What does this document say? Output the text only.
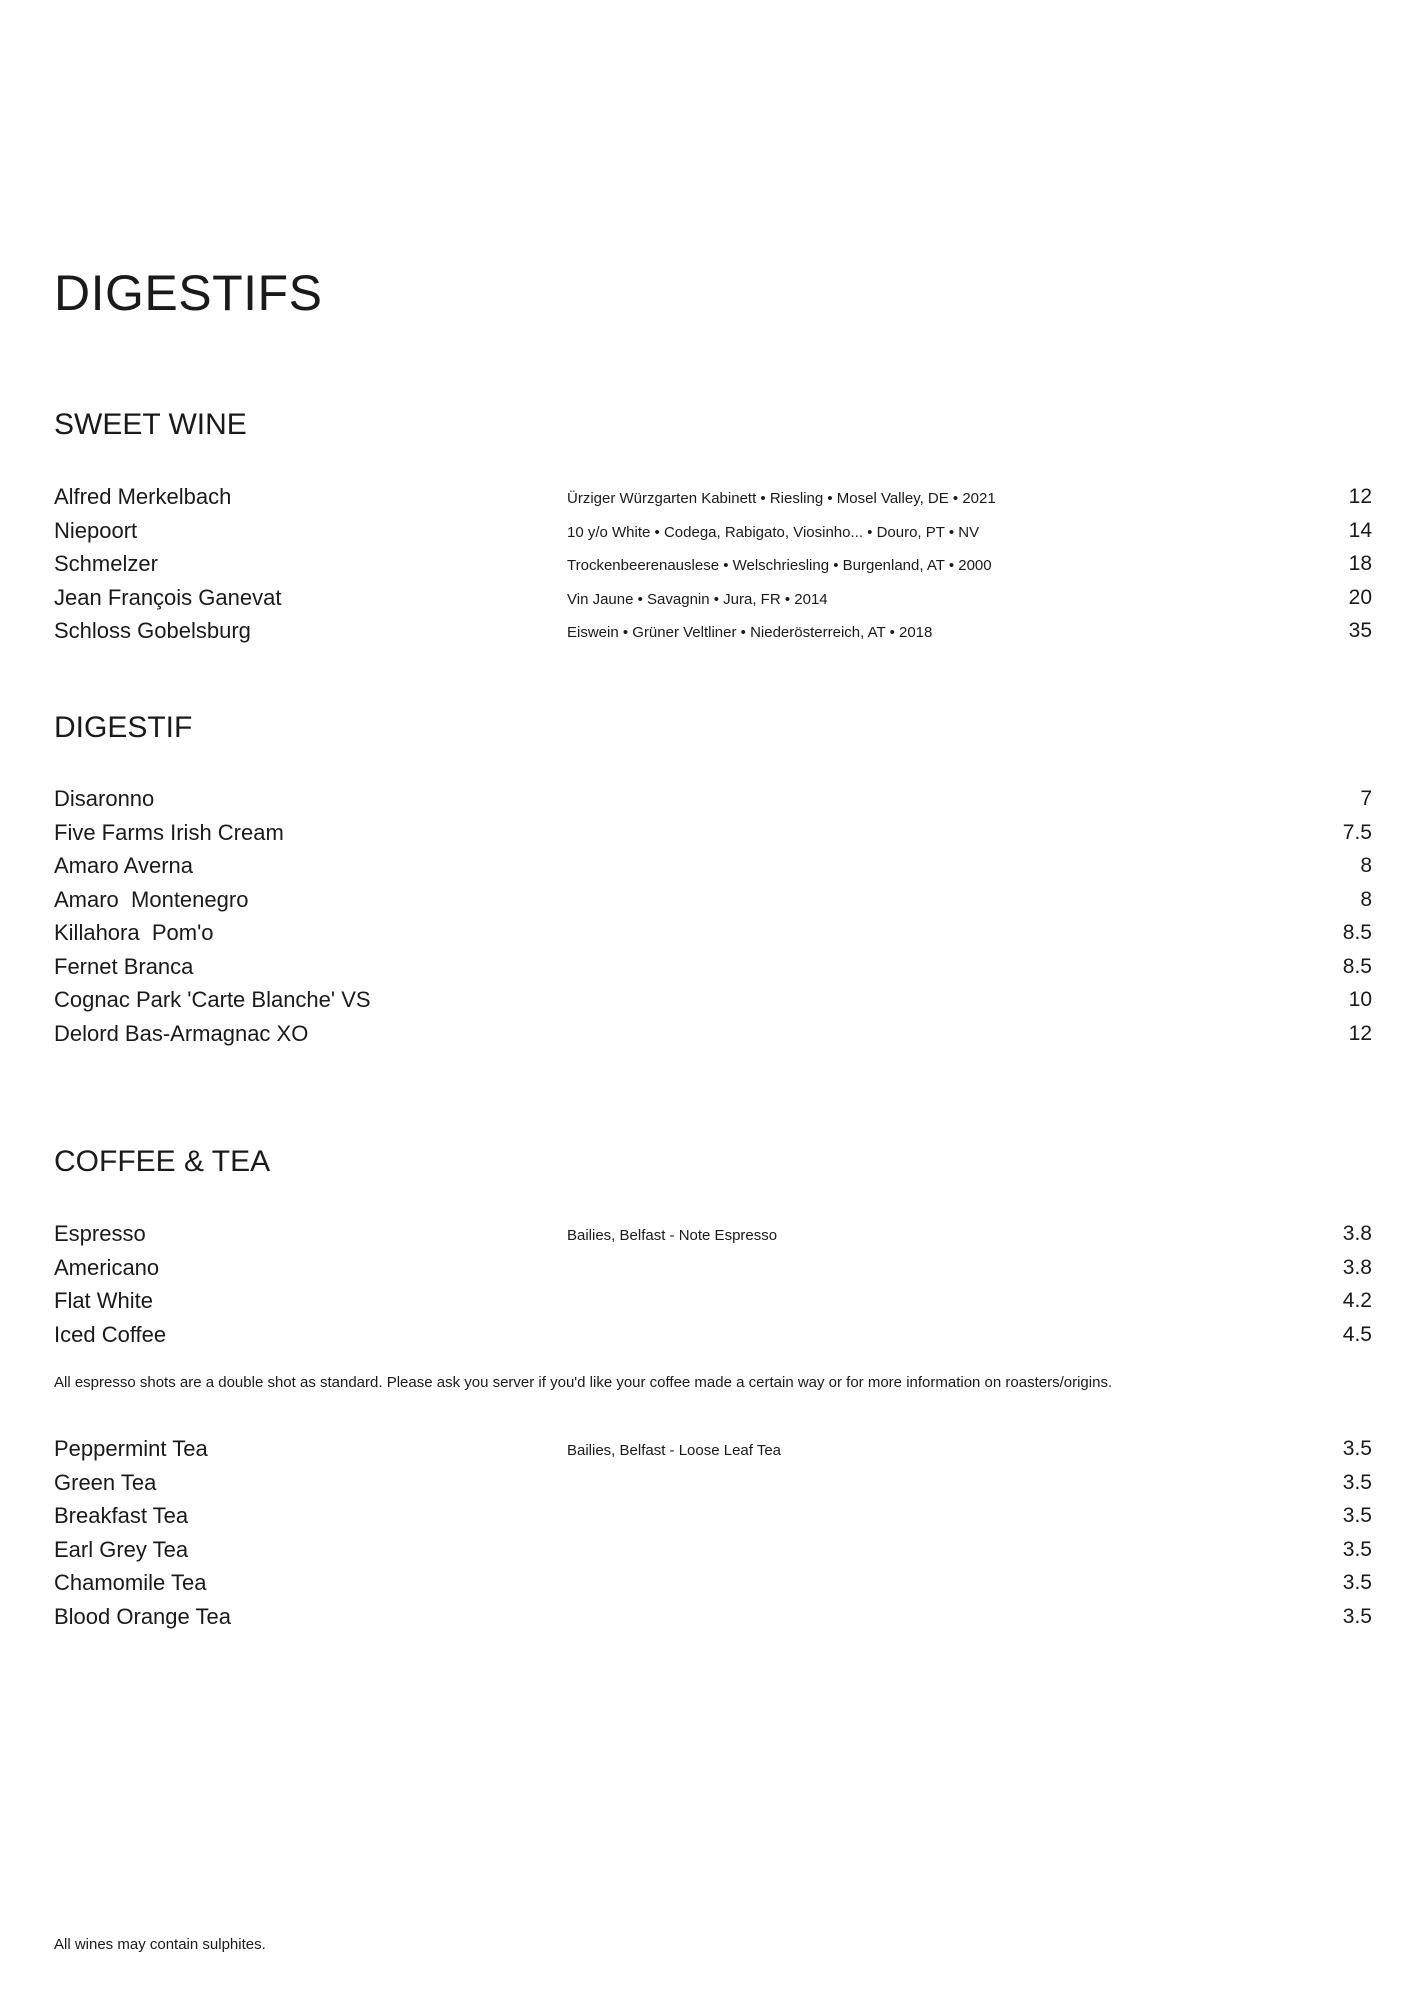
DIGESTIFS
SWEET WINE
Alfred Merkelbach	Ürziger Würzgarten Kabinett • Riesling • Mosel Valley, DE • 2021	12
Niepoort	10 y/o White • Codega, Rabigato, Viosinho... • Douro, PT • NV	14
Schmelzer	Trockenbeerenauslese • Welschriesling • Burgenland, AT • 2000	18
Jean François Ganevat	Vin Jaune • Savagnin • Jura, FR • 2014	20
Schloss Gobelsburg	Eiswein • Grüner Veltliner • Niederösterreich, AT • 2018	35
DIGESTIF
Disaronno	7
Five Farms Irish Cream	7.5
Amaro Averna	8
Amaro  Montenegro	8
Killahora  Pom'o	8.5
Fernet Branca	8.5
Cognac Park 'Carte Blanche' VS	10
Delord Bas-Armagnac XO	12
COFFEE & TEA
Espresso	Bailies, Belfast - Note Espresso	3.8
Americano	3.8
Flat White	4.2
Iced Coffee	4.5
All espresso shots are a double shot as standard. Please ask you server if you'd like your coffee made a certain way or for more information on roasters/origins.
Peppermint Tea	Bailies, Belfast - Loose Leaf Tea	3.5
Green Tea	3.5
Breakfast Tea	3.5
Earl Grey Tea	3.5
Chamomile Tea	3.5
Blood Orange Tea	3.5
All wines may contain sulphites.
